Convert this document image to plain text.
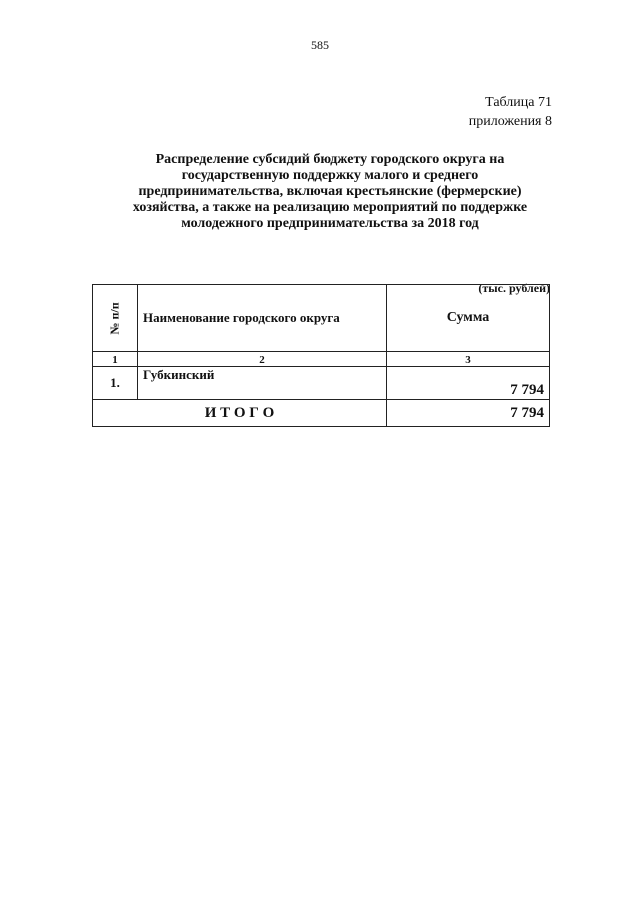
585
Таблица 71
приложения 8
Распределение субсидий бюджету городского округа на
государственную поддержку малого и среднего
предпринимательства, включая крестьянские (фермерские)
хозяйства, а также на реализацию мероприятий по поддержке
молодежного предпринимательства за 2018 год
(тыс. рублей)
№ п/п	Наименование городского округа	Сумма
1	2	3
1.	Губкинский	7 794
И Т О Г О		7 794
